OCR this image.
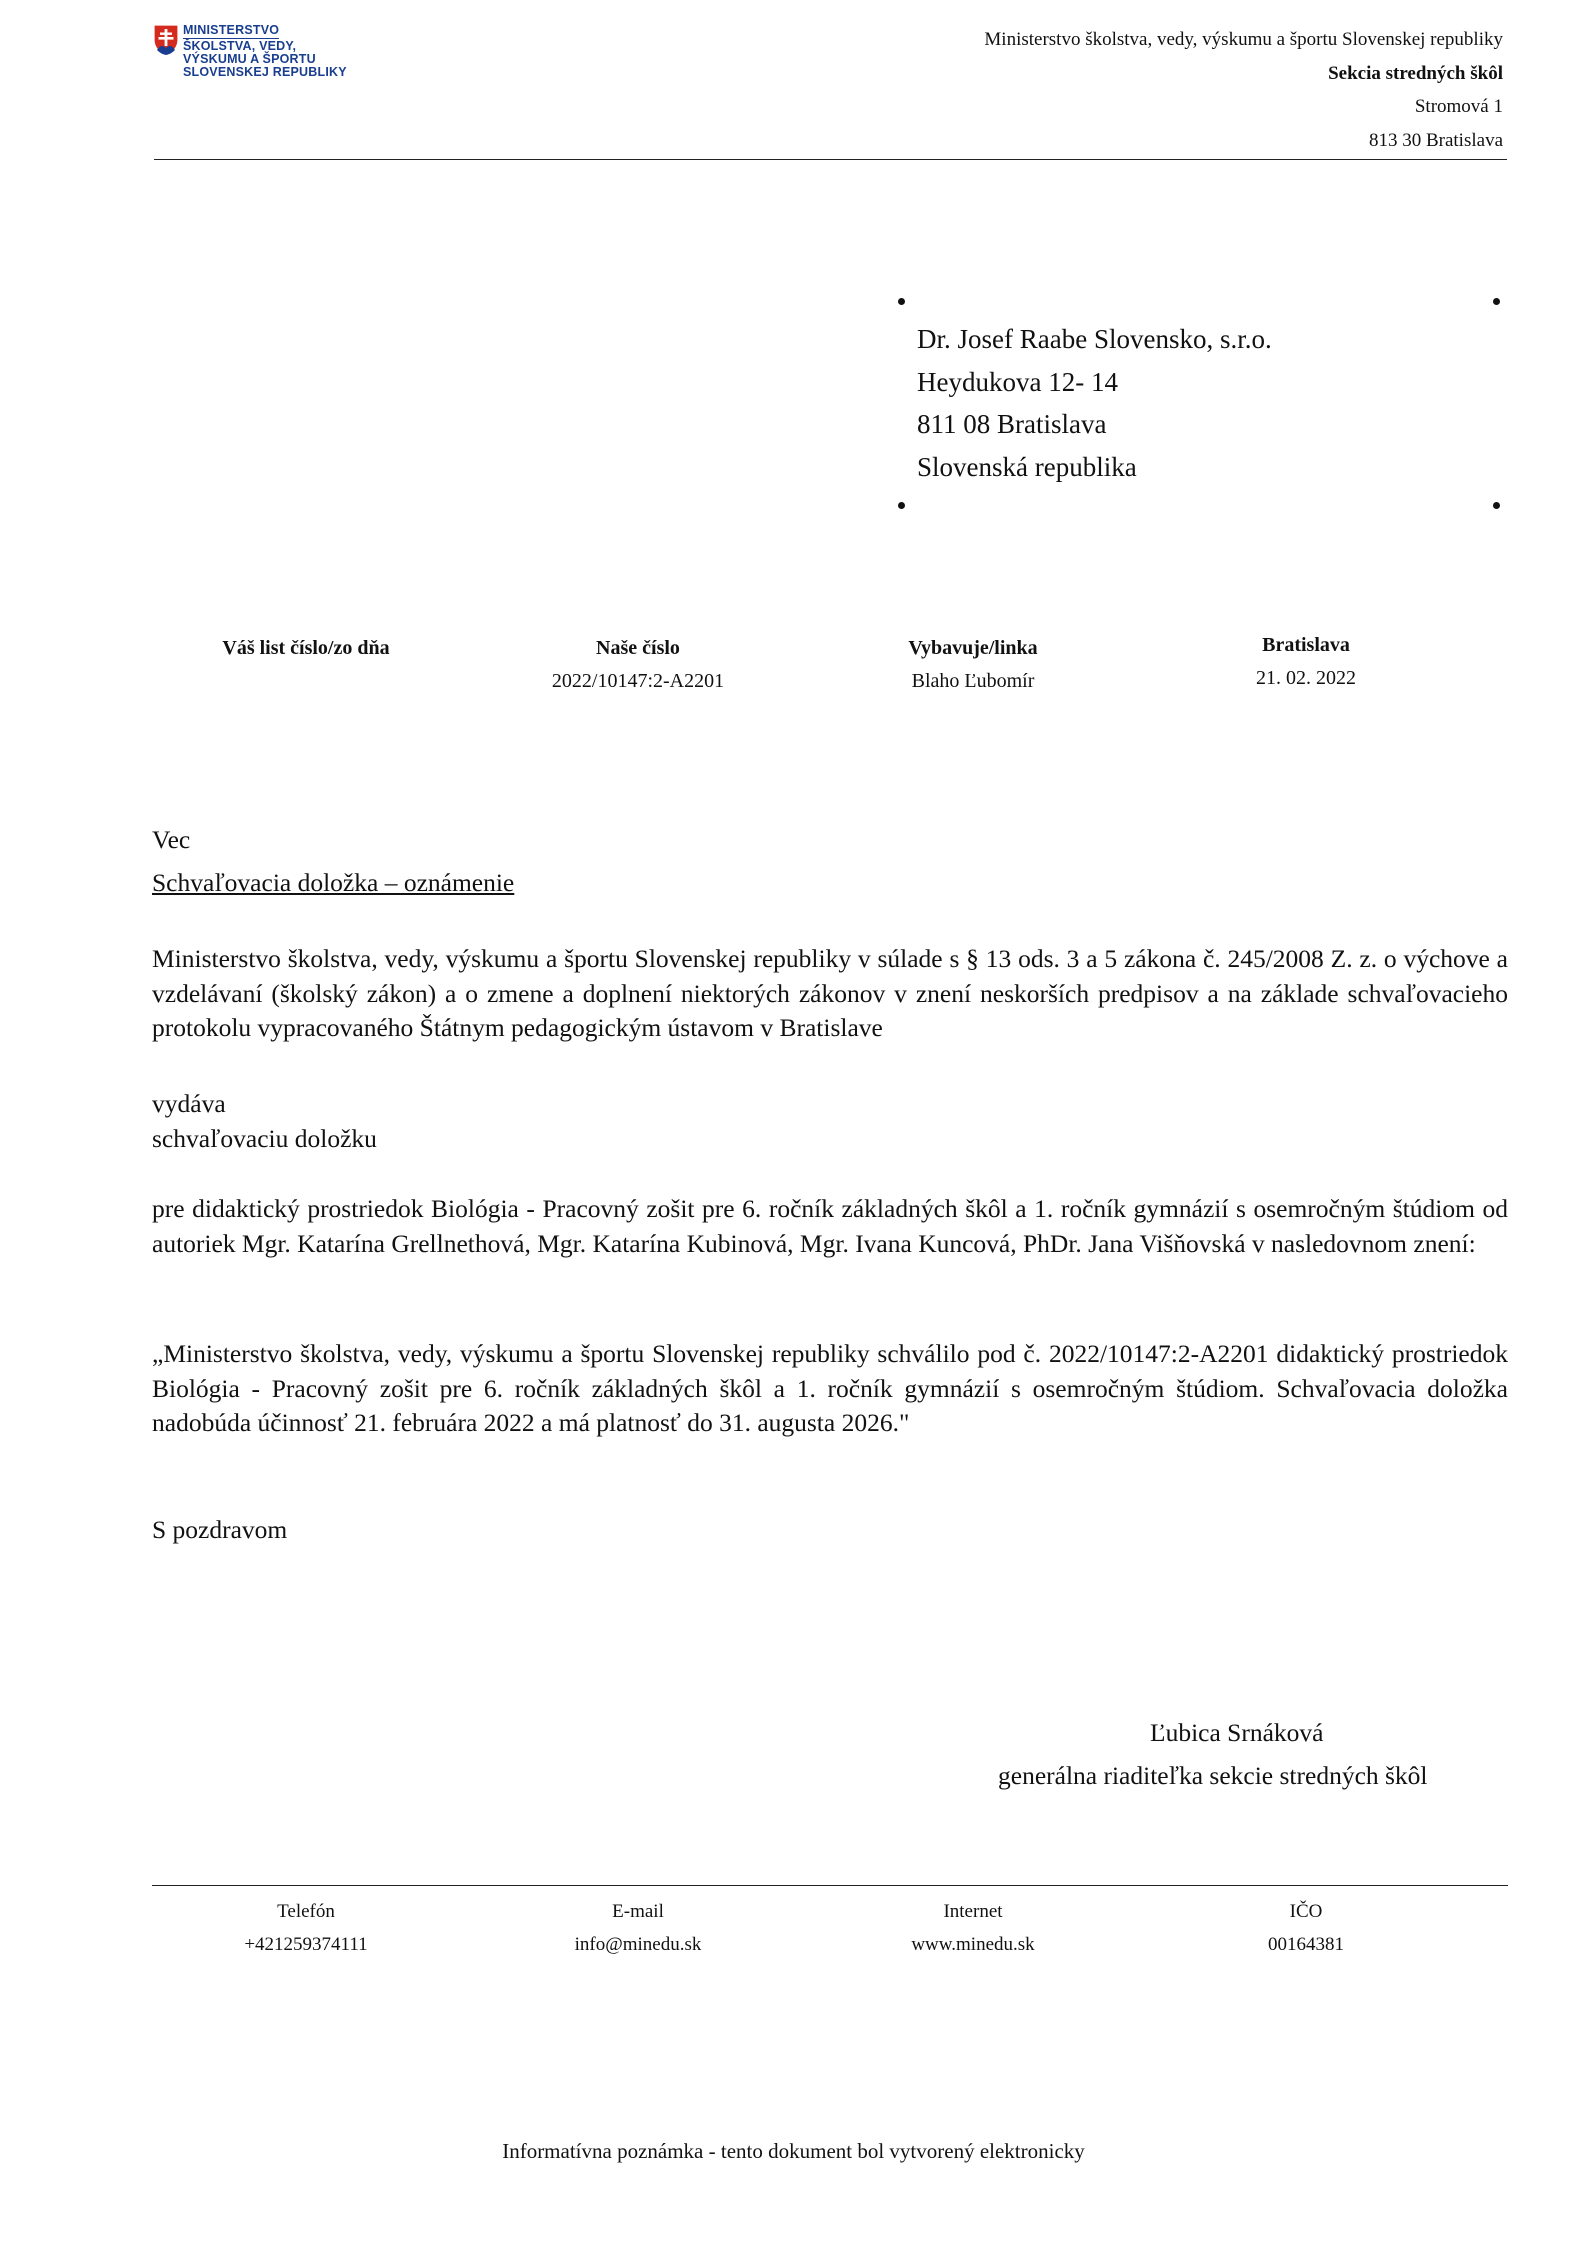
MINISTERSTVO
ŠKOLSTVA, VEDY,
VÝSKUMU A ŠPORTU
SLOVENSKEJ REPUBLIKY
Ministerstvo školstva, vedy, výskumu a športu Slovenskej republiky
Sekcia stredných škôl
Stromová 1
813 30 Bratislava
Dr. Josef Raabe Slovensko, s.r.o.
Heydukova 12- 14
811 08 Bratislava
Slovenská republika
Váš list číslo/zo dňa	Naše číslo
2022/10147:2-A2201
Vybavuje/linka
Blaho Ľubomír
Bratislava
21. 02. 2022
Vec
Schvaľovacia doložka – oznámenie
Ministerstvo školstva, vedy, výskumu a športu Slovenskej republiky v súlade s § 13 ods. 3 a 5 zákona č. 245/2008 Z. z. o výchove a vzdelávaní (školský zákon) a o zmene a doplnení niektorých zákonov v znení neskorších predpisov a na základe schvaľovacieho protokolu vypracovaného Štátnym pedagogickým ústavom v Bratislave
vydáva
schvaľovaciu doložku
pre didaktický prostriedok Biológia - Pracovný zošit pre 6. ročník základných škôl a 1. ročník gymnázií s osemročným štúdiom od autoriek Mgr. Katarína Grellnethová, Mgr. Katarína Kubinová, Mgr. Ivana Kuncová, PhDr. Jana Višňovská v nasledovnom znení:
„Ministerstvo školstva, vedy, výskumu a športu Slovenskej republiky schválilo pod č. 2022/10147:2-A2201 didaktický prostriedok Biológia - Pracovný zošit pre 6. ročník základných škôl a 1. ročník gymnázií s osemročným štúdiom. Schvaľovacia doložka nadobúda účinnosť 21. februára 2022 a má platnosť do 31. augusta 2026."
S pozdravom
Ľubica Srnáková
generálna riaditeľka sekcie stredných škôl
Telefón
+421259374111
E-mail
info@minedu.sk
Internet
www.minedu.sk
IČO
00164381
Informatívna poznámka - tento dokument bol vytvorený elektronicky
